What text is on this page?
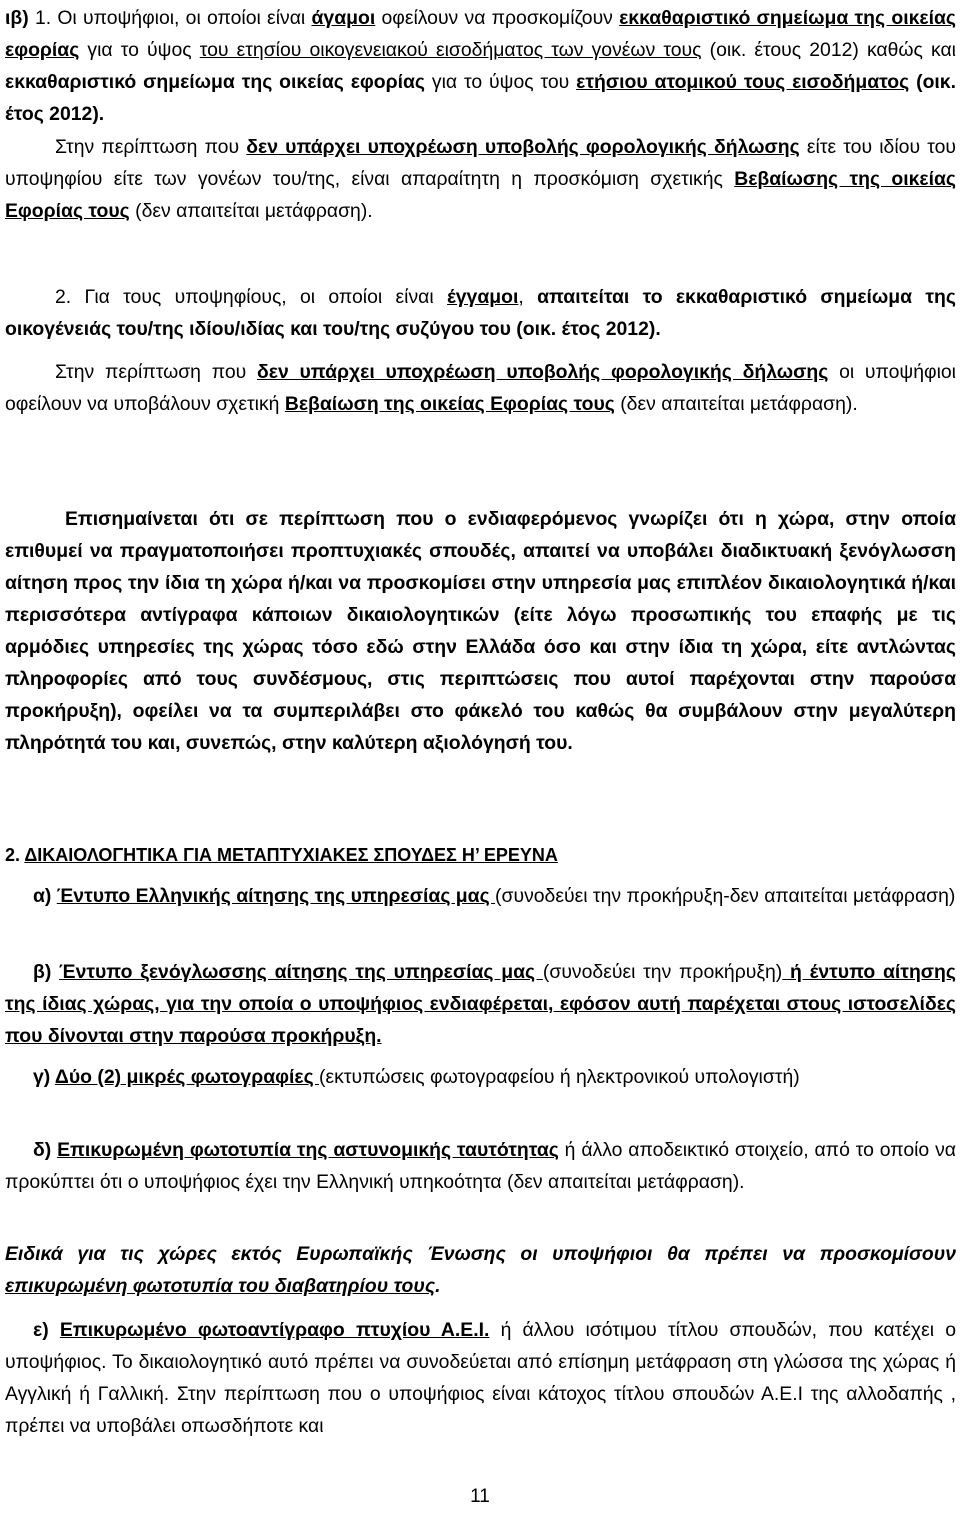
ιβ) 1. Οι υποψήφιοι, οι οποίοι είναι άγαμοι οφείλουν να προσκομίζουν εκκαθαριστικό σημείωμα της οικείας εφορίας για το ύψος του ετησίου οικογενειακού εισοδήματος των γονέων τους (οικ. έτους 2012) καθώς και εκκαθαριστικό σημείωμα της οικείας εφορίας για το ύψος του ετήσιου ατομικού τους εισοδήματος (οικ. έτος 2012).

Στην περίπτωση που δεν υπάρχει υποχρέωση υποβολής φορολογικής δήλωσης είτε του ιδίου του υποψηφίου είτε των γονέων του/της, είναι απαραίτητη η προσκόμιση σχετικής Βεβαίωσης της οικείας Εφορίας τους (δεν απαιτείται μετάφραση).

2. Για τους υποψηφίους, οι οποίοι είναι έγγαμοι, απαιτείται το εκκαθαριστικό σημείωμα της οικογένειάς του/της ιδίου/ιδίας και του/της συζύγου του (οικ. έτος 2012).

Στην περίπτωση που δεν υπάρχει υποχρέωση υποβολής φορολογικής δήλωσης οι υποψήφιοι οφείλουν να υποβάλουν σχετική Βεβαίωση της οικείας Εφορίας τους (δεν απαιτείται μετάφραση).

Επισημαίνεται ότι σε περίπτωση που ο ενδιαφερόμενος γνωρίζει ότι η χώρα, στην οποία επιθυμεί να πραγματοποιήσει προπτυχιακές σπουδές, απαιτεί να υποβάλει διαδικτυακή ξενόγλωσση αίτηση προς την ίδια τη χώρα ή/και να προσκομίσει στην υπηρεσία μας επιπλέον δικαιολογητικά ή/και περισσότερα αντίγραφα κάποιων δικαιολογητικών (είτε λόγω προσωπικής του επαφής με τις αρμόδιες υπηρεσίες της χώρας τόσο εδώ στην Ελλάδα όσο και στην ίδια τη χώρα, είτε αντλώντας πληροφορίες από τους συνδέσμους, στις περιπτώσεις που αυτοί παρέχονται στην παρούσα προκήρυξη), οφείλει να τα συμπεριλάβει στο φάκελό του καθώς θα συμβάλουν στην μεγαλύτερη πληρότητά του και, συνεπώς, στην καλύτερη αξιολόγησή του.

2. ΔΙΚΑΙΟΛΟΓΗΤΙΚΑ ΓΙΑ ΜΕΤΑΠΤΥΧΙΑΚΕΣ ΣΠΟΥΔΕΣ Η’ ΕΡΕΥΝΑ

α) Έντυπο Ελληνικής αίτησης της υπηρεσίας μας (συνοδεύει την προκήρυξη-δεν απαιτείται μετάφραση)

β) Έντυπο ξενόγλωσσης αίτησης της υπηρεσίας μας (συνοδεύει την προκήρυξη) ή έντυπο αίτησης της ίδιας χώρας, για την οποία ο υποψήφιος ενδιαφέρεται, εφόσον αυτή παρέχεται στους ιστοσελίδες που δίνονται στην παρούσα προκήρυξη.

γ) Δύο (2) μικρές φωτογραφίες (εκτυπώσεις φωτογραφείου ή ηλεκτρονικού υπολογιστή)

δ) Επικυρωμένη φωτοτυπία της αστυνομικής ταυτότητας ή άλλο αποδεικτικό στοιχείο, από το οποίο να προκύπτει ότι ο υποψήφιος έχει την Ελληνική υπηκοότητα (δεν απαιτείται μετάφραση).

Ειδικά για τις χώρες εκτός Ευρωπαϊκής Ένωσης οι υποψήφιοι θα πρέπει να προσκομίσουν επικυρωμένη φωτοτυπία του διαβατηρίου τους.

ε) Επικυρωμένο φωτοαντίγραφο πτυχίου Α.Ε.Ι. ή άλλου ισότιμου τίτλου σπουδών, που κατέχει ο υποψήφιος. Το δικαιολογητικό αυτό πρέπει να συνοδεύεται από επίσημη μετάφραση στη γλώσσα της χώρας ή Αγγλική ή Γαλλική. Στην περίπτωση που ο υποψήφιος είναι κάτοχος τίτλου σπουδών Α.Ε.Ι της αλλοδαπής , πρέπει να υποβάλει οπωσδήποτε και

11
